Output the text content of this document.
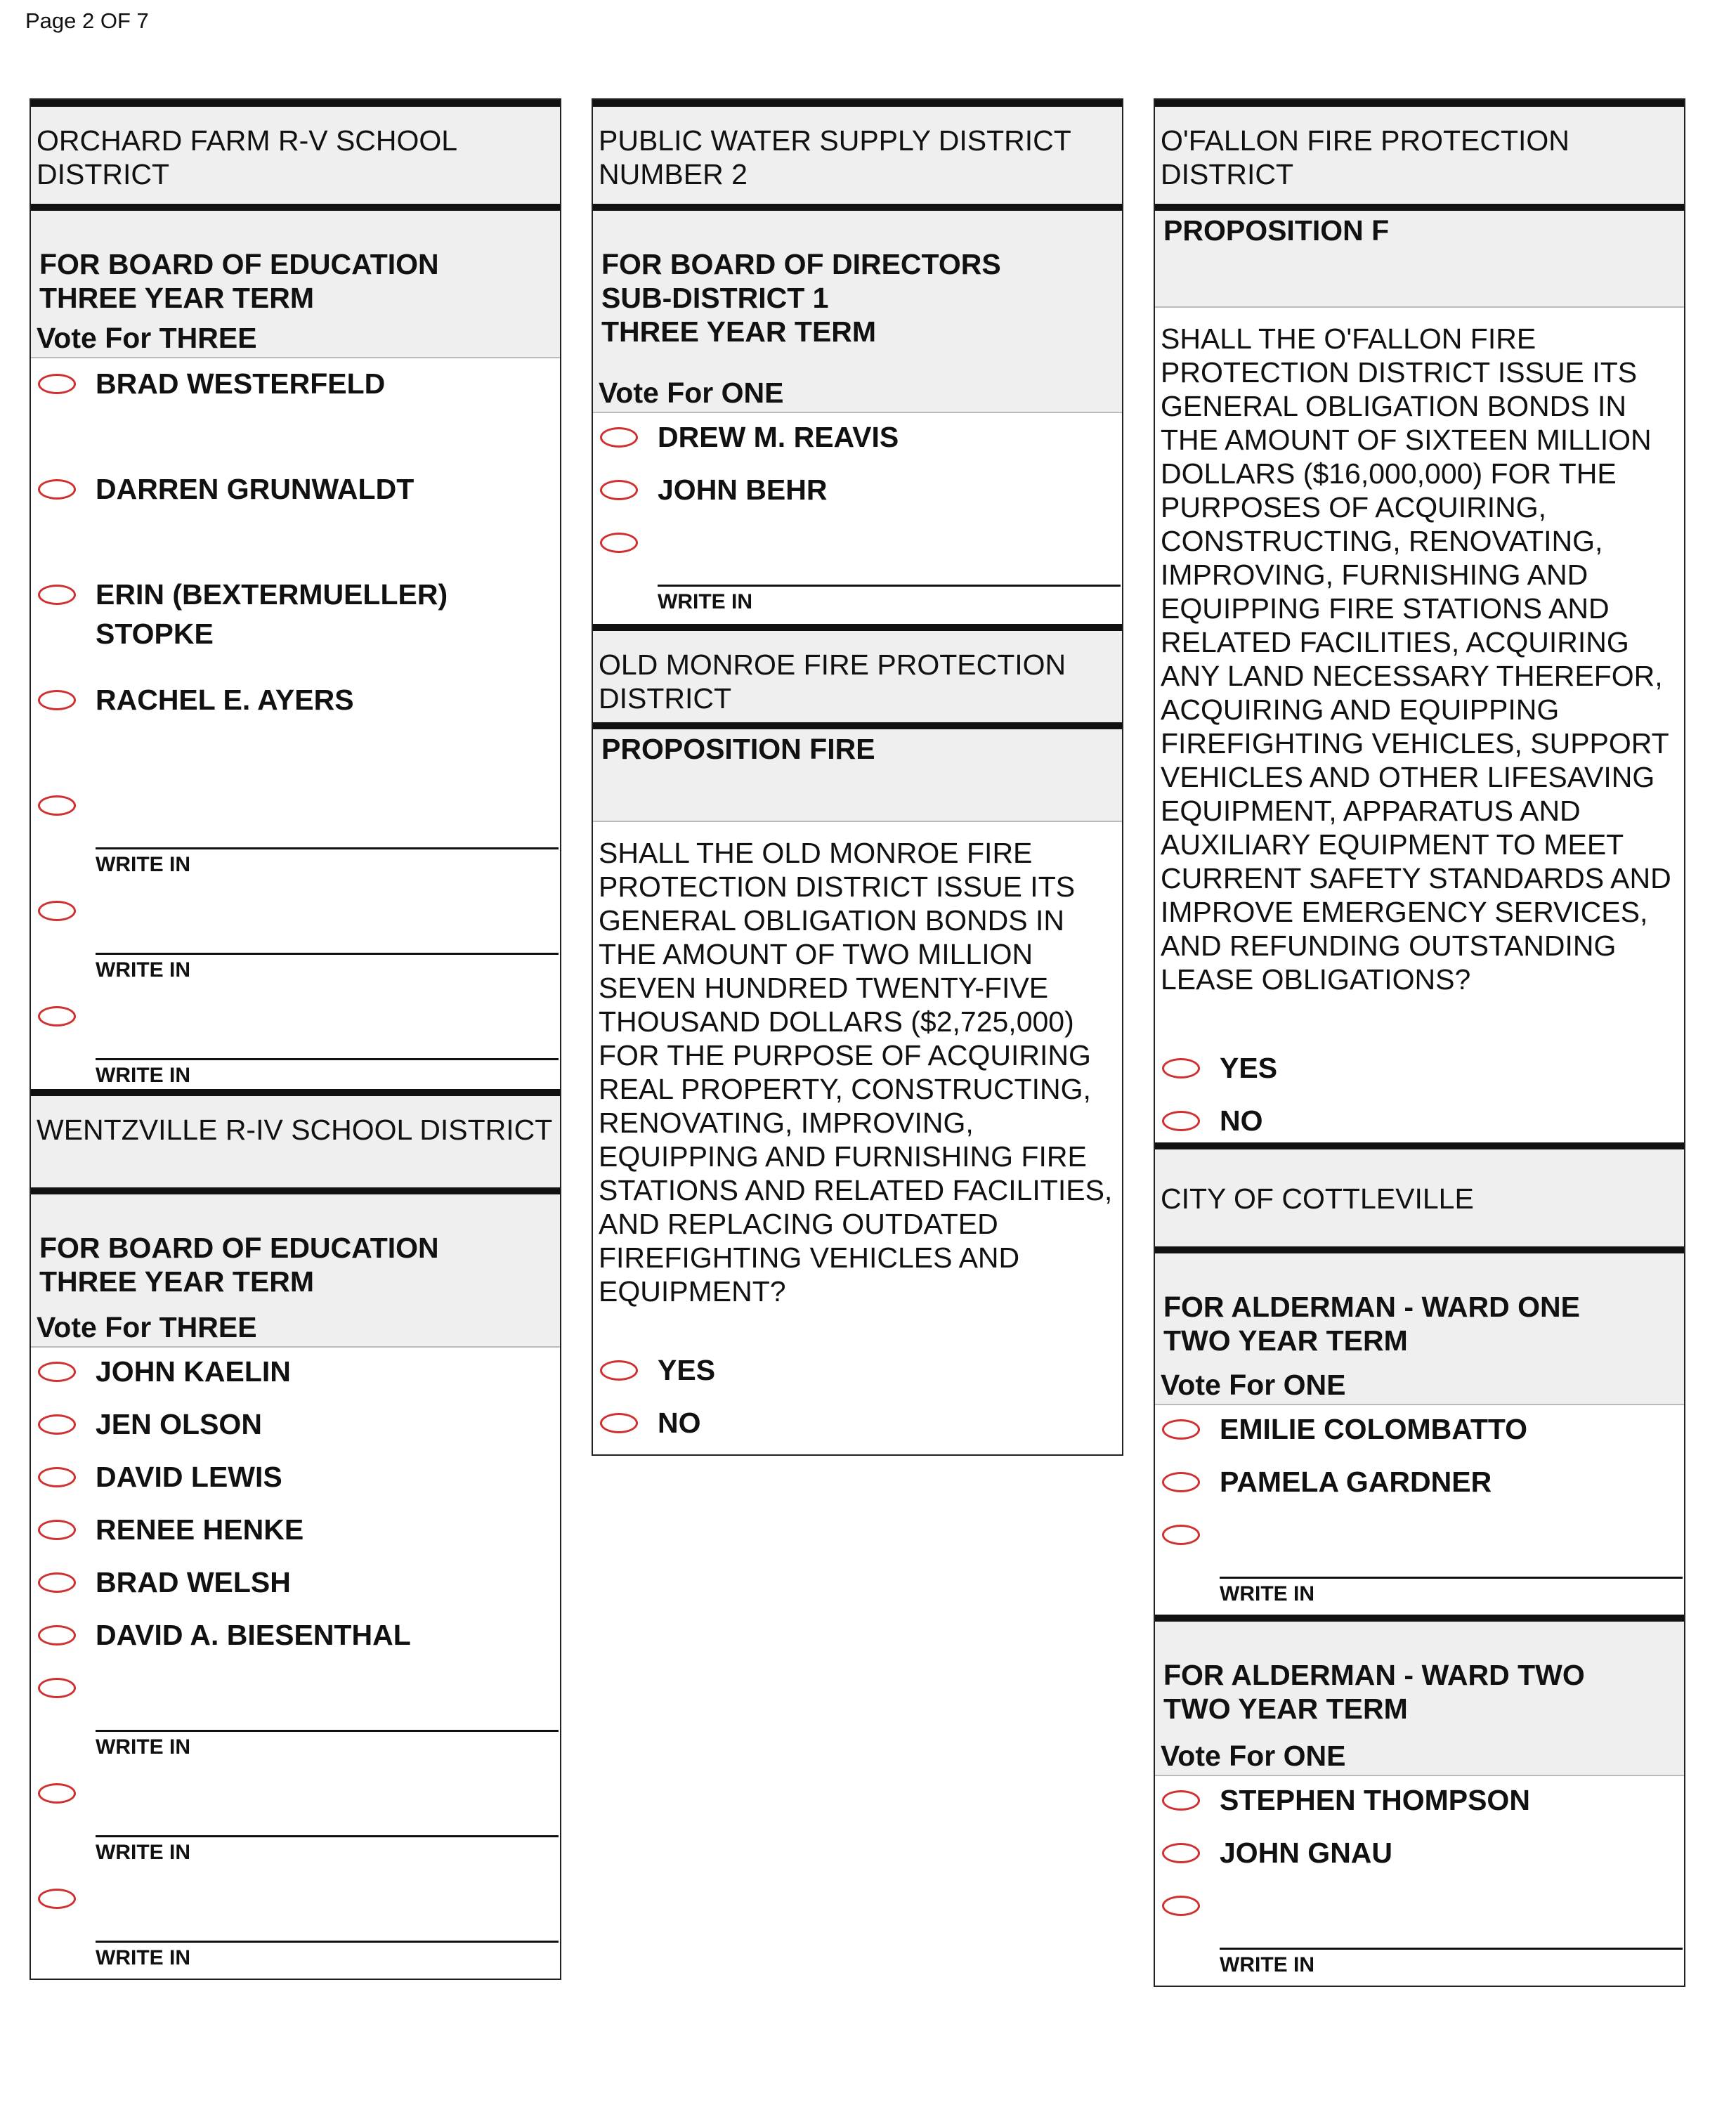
Page 2 OF 7
ORCHARD FARM R-V SCHOOL DISTRICT

FOR BOARD OF EDUCATION
THREE YEAR TERM

Vote For THREE

BRAD WESTERFELD
DARREN GRUNWALDT
ERIN (BEXTERMUELLER) STOPKE
RACHEL E. AYERS
WRITE IN
WRITE IN
WRITE IN
WENTZVILLE R-IV SCHOOL DISTRICT

FOR BOARD OF EDUCATION
THREE YEAR TERM

Vote For THREE

JOHN KAELIN
JEN OLSON
DAVID LEWIS
RENEE HENKE
BRAD WELSH
DAVID A. BIESENTHAL
WRITE IN
WRITE IN
WRITE IN
PUBLIC WATER SUPPLY DISTRICT NUMBER 2

FOR BOARD OF DIRECTORS
SUB-DISTRICT 1
THREE YEAR TERM

Vote For ONE

DREW M. REAVIS
JOHN BEHR
WRITE IN
OLD MONROE FIRE PROTECTION DISTRICT
PROPOSITION FIRE
SHALL THE OLD MONROE FIRE PROTECTION DISTRICT ISSUE ITS GENERAL OBLIGATION BONDS IN THE AMOUNT OF TWO MILLION SEVEN HUNDRED TWENTY-FIVE THOUSAND DOLLARS ($2,725,000) FOR THE PURPOSE OF ACQUIRING REAL PROPERTY, CONSTRUCTING, RENOVATING, IMPROVING, EQUIPPING AND FURNISHING FIRE STATIONS AND RELATED FACILITIES, AND REPLACING OUTDATED FIREFIGHTING VEHICLES AND EQUIPMENT?
YES
NO
O'FALLON FIRE PROTECTION DISTRICT
PROPOSITION F
SHALL THE O'FALLON FIRE PROTECTION DISTRICT ISSUE ITS GENERAL OBLIGATION BONDS IN THE AMOUNT OF SIXTEEN MILLION DOLLARS ($16,000,000) FOR THE PURPOSES OF ACQUIRING, CONSTRUCTING, RENOVATING, IMPROVING, FURNISHING AND EQUIPPING FIRE STATIONS AND RELATED FACILITIES, ACQUIRING ANY LAND NECESSARY THEREFOR, ACQUIRING AND EQUIPPING FIREFIGHTING VEHICLES, SUPPORT VEHICLES AND OTHER LIFESAVING EQUIPMENT, APPARATUS AND AUXILIARY EQUIPMENT TO MEET CURRENT SAFETY STANDARDS AND IMPROVE EMERGENCY SERVICES, AND REFUNDING OUTSTANDING LEASE OBLIGATIONS?
YES
NO
CITY OF COTTLEVILLE

FOR ALDERMAN - WARD ONE
TWO YEAR TERM

Vote For ONE

EMILIE COLOMBATTO
PAMELA GARDNER
WRITE IN

FOR ALDERMAN - WARD TWO
TWO YEAR TERM

Vote For ONE

STEPHEN THOMPSON
JOHN GNAU
WRITE IN
